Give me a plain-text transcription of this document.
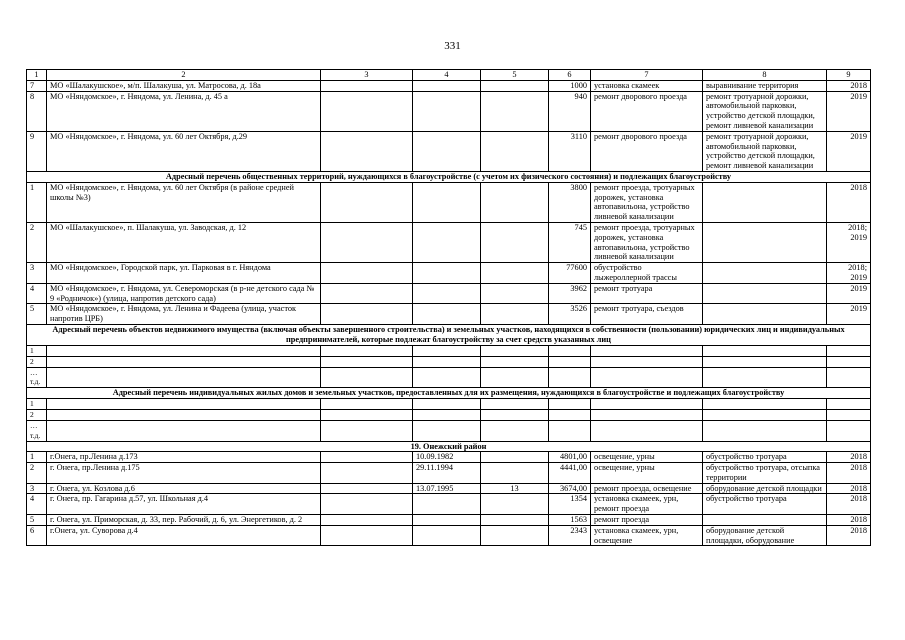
331
1	2	3	4	5	6	7	8	9
7	МО «Шалакушское», м/п. Шалакуша, ул. Матросова, д. 18а				1000	установка скамеек	выравнивание территория	2018
8	МО «Няндомское», г. Няндома, ул. Ленина, д. 45 а				940	ремонт дворового проезда	ремонт тротуарной дорожки, автомобильной парковки, устройство детской площадки, ремонт ливневой канализации	2019
9	МО «Няндомское», г. Няндома, ул. 60 лет Октября, д.29				3110	ремонт дворового проезда	ремонт тротуарной дорожки, автомобильной парковки, устройство детской площадки, ремонт ливневой канализации	2019
Адресный перечень общественных территорий, нуждающихся в благоустройстве (с учетом их физического состояния) и подлежащих благоустройству								
1	МО «Няндомское», г. Няндома, ул. 60 лет Октября (в районе средней школы №3)				3800	ремонт проезда, тротуарных дорожек, установка автопавильона, устройство ливневой канализации		2018
2	МО «Шалакушское», п. Шалакуша, ул. Заводская, д. 12				745	ремонт проезда, тротуарных дорожек, установка автопавильона, устройство ливневой канализации		2018; 2019
3	МО «Няндомское», Городской парк, ул. Парковая в г. Няндома				77600	обустройство лыжероллерной трассы		2018; 2019
4	МО «Няндомское», г. Няндома, ул. Североморская (в р-не детского сада № 9 «Родничок») (улица, напротив детского сада)				3962	ремонт тротуара		2019
5	МО «Няндомское», г. Няндома, ул. Ленина и Фадеева (улица, участок напротив ЦРБ)				3526	ремонт тротуара, съездов		2019
Адресный перечень объектов недвижимого имущества (включая объекты завершенного строительства) и земельных участков, находящихся в собственности (пользовании) юридических лиц и индивидуальных предпринимателей, которые подлежат благоустройству за счет средств указанных лиц								
1								
2								
…т.д.								
Адресный перечень индивидуальных жилых домов и земельных участков, предоставленных для их размещения, нуждающихся в благоустройстве и подлежащих благоустройству								
1								
2								
…т.д.								
19. Онежский район								
1	г.Онега, пр.Ленина д.173		10.09.1982		4801,00	освещение, урны	обустройство тротуара	2018
2	г. Онега, пр.Ленина д.175		29.11.1994		4441,00	освещение, урны	обустройство тротуара, отсыпка территории	2018
3	г. Онега, ул. Козлова д.6		13.07.1995	13	3674,00	ремонт проезда, освещение	оборудование детской площадки	2018
4	г. Онега, пр. Гагарина д.57, ул. Школьная д.4				1354	установка скамеек, урн, ремонт проезда	обустройство тротуара	2018
5	г. Онега, ул. Приморская, д. 33, пер. Рабочий, д. 6, ул. Энергетиков, д. 2				1563	ремонт проезда		2018
6	г.Онега, ул. Суворова д.4				2343	установка скамеек, урн, освещение	оборудование детской площадки, оборудование	2018
